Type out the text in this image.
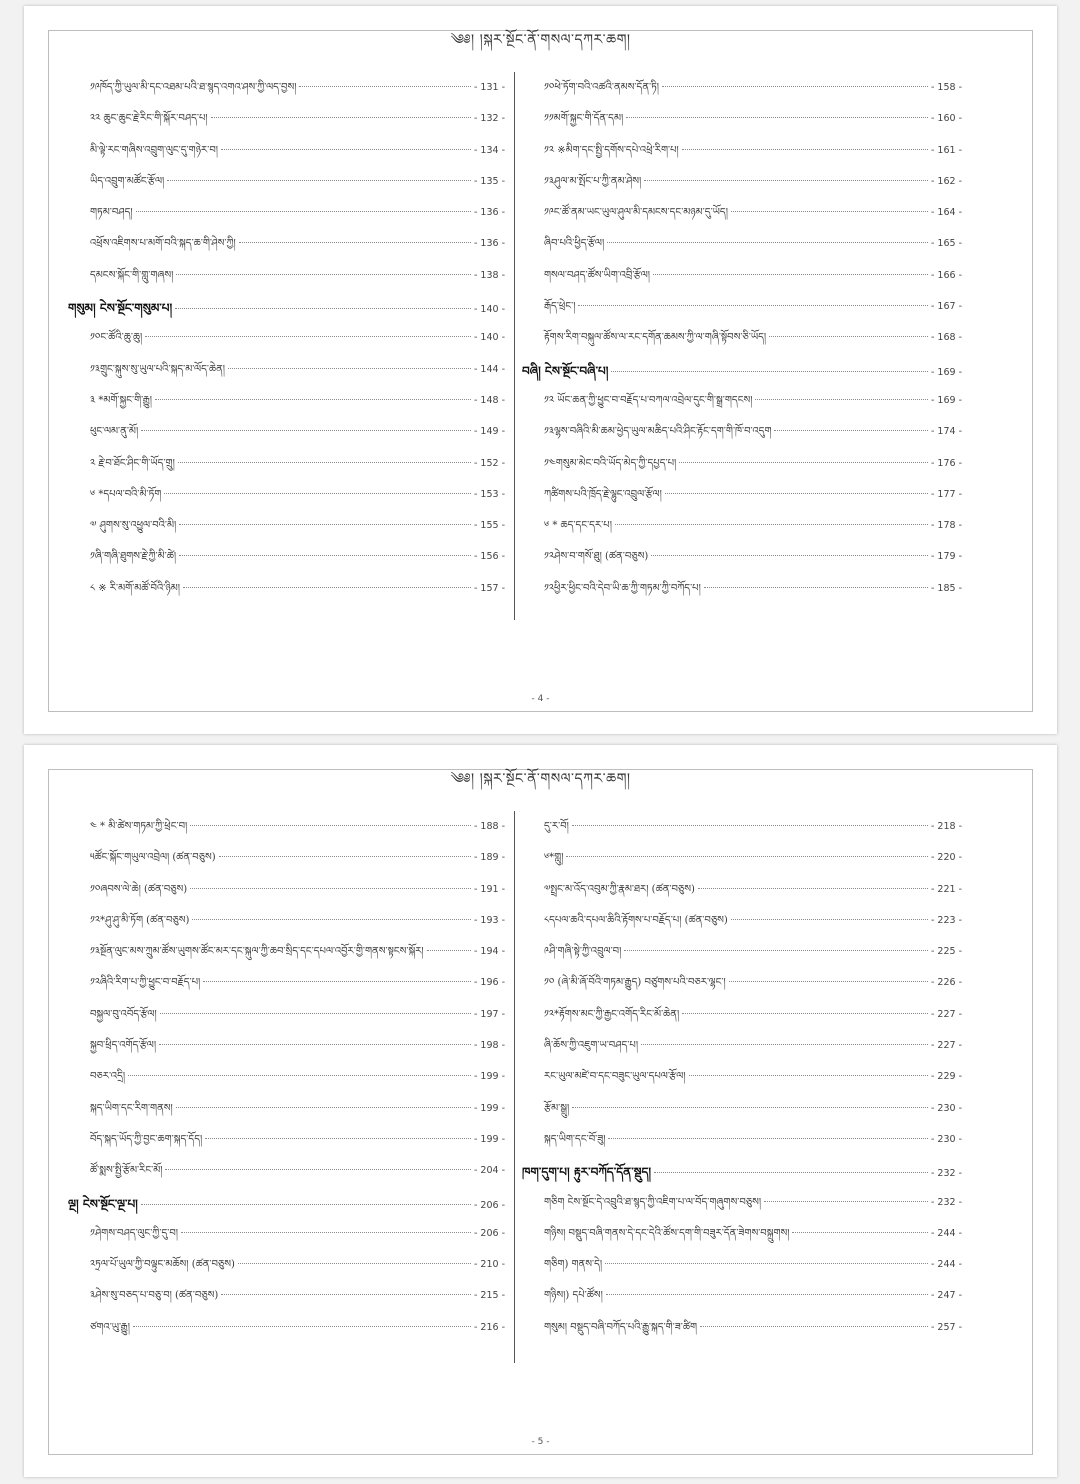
༄༅། །སྐར་སྔོང་ནོ་གསལ་དཀར་ཆག།
༡༩ཁོད་ཀྱི་ཡུལ་མི་དང་འཐམ་པའི་ཐ་སྙད་འགའ་ཤས་ཀྱི་ལད་བྱས།	- 131 -
༢༢ ཆུང་ཆུང་རྗེ་རིང་གི་སྐོར་བཤད་པ།	- 132 -
མི་ལྟེ་རང་གཞིས་འབྲུག་ལུང་དུ་གཉེར་བ།	- 134 -
ཡིད་འབྲུག་མཚོང་རྩོལ།	- 135 -
གཏམ་བཤད།	- 136 -
འཕྲོས་འཇིགས་པ་མགོ་བའི་སྐད་ཆ་གི་ཤེས་ཀྱི།	- 136 -
དམངས་སྐོང་གི་གླུ་གཞས།	- 138 -
གསུམ། ངེས་སྔོང་གསུམ་པ།	- 140 -
༡༠ང་ཚོའི་ཆུ་ཆུ།	- 140 -
༡༣གྲུང་སྐུས་སུ་ཡུལ་པའི་སྐད་མ་ལོད་ཆེན།	- 144 -
༣ *མགོ་སྐྱང་གི་རྒྱུ།	- 148 -
ཕུང་ལམ་ནུ་མོ།	- 149 -
༢ རྗེ་བ་ཐོང་ཤིང་གི་ཡོད་གྲུ།	- 152 -
༦ *དཔལ་བའི་མི་ཏོག	- 153 -
༧ ཤུགས་སུ་འཕྱུལ་བའི་མི།	- 155 -
༡ཞི་གཞི་ཐུགས་རྗེ་ཀྱི་མི་ཚེ།	- 156 -
༨ ※ རི་མགོ་མཚོ་བོའི་ཉིམ།	- 157 -
༡༠ཕེ་ཏོག་བའི་འཚའི་ནམས་དོན་ཏི།	- 158 -
༡༡མགོ་སྐྱང་གི་དོན་དམ།	- 160 -
༡༢ ※མིག་དང་སྤྱི་དགོས་དཔེ་འཕྲེ་རིག་པ།	- 161 -
༡༣ཤུལ་མ་སྤོང་པ་ཀྱི་ནམ་ཤེས།	- 162 -
༡༩ང་ཚོ་ནམ་ཡང་ཡུལ་ཤུལ་མི་དམངས་དང་མཉམ་དུ་ཡོད།	- 164 -
ཞིབ་པའི་ཕྱིད་རྩོལ།	- 165 -
གསལ་བཤད་ཚོས་ཡིག་འབྲི་རྩོལ།	- 166 -
རྒོད་ཕྲེང་།	- 167 -
རྟོགས་རིག་བསྐུལ་ཚོས་ལ་རང་དགོན་ཆམས་ཀྱི་ལ་གཞི་སྟོབས་ཅི་ཡོད།	- 168 -
བཞི། ངེས་སྔོང་བཞི་པ།	- 169 -
༡༢ ཡོང་ཆན་ཀྱི་ཕྱུང་བ་བརྗོད་པ་བཀལ་འབྲེལ་དུང་གི་སྒྲ་གདངས།	- 169 -
༡༣ལྷས་བཞིའི་མི་ཆམ་ཕྱེད་ཡུལ་མཆིད་པའི་ཤིང་རྟོང་དག་གི་ཁོ་བ་འདུག	- 174 -
༡༤གསུམ་མེང་བའི་ཡོད་མེད་ཀྱི་དཔྱད་པ།	- 176 -
ཀཚིགས་པའི་ཁྲོད་རྗེ་ལྷུང་འབྲུལ་རྩོལ།	- 177 -
༦ * ཆད་དང་དར་པ།	- 178 -
༡༢ཤེས་བ་གསོ་ཐུ། (ཚན་བཅུས)	- 179 -
༡༢ཕྱིར་ཕྱིང་བའི་དེབ་ཡི་ཆ་ཀྱི་གཏམ་ཀྱི་བཀོད་པ།	- 185 -
- 4 -
༄༅། །སྐར་སྔོང་ནོ་གསལ་དཀར་ཆག།
༤ * མི་ཚེས་གཏམ་ཀྱི་ཕྲེང་བ།	- 188 -
༥ཚོང་སྐོང་གཡུལ་འབྲེལ། (ཚན་བཅུས)	- 189 -
༡༠ཞབས་ལེ་ཆེ། (ཚན་བཅུས)	- 191 -
༡༢*ཤུ་ཤུ་མི་ཏོག (ཚན་བཅུས)	- 193 -
༡༣སྔོན་ལུང་མས་ཀྲུམ་ཚོས་ཡུགས་ཚོང་མར་དང་སྐུལ་ཀྱི་ཆབ་སྲིད་དང་དཔལ་འབྱོར་གྱི་གནས་སྟངས་སྐོར།	- 194 -
༡༢ཞིའི་རིག་པ་ཀྱི་ཕྱུང་བ་བརྗོད་པ།	- 196 -
བསྐྱལ་བུ་འབོད་རྩོལ།	- 197 -
སྐྱབ་ཕྲིད་འགོད་རྩོལ།	- 198 -
བཅར་འདྲི།	- 199 -
སྐད་ཡིག་དང་རིག་གནས།	- 199 -
བོད་སྐད་ཡོད་ཀྱི་བྱང་ཆག་སྐད་དོད།	- 199 -
ཚོ་སྨས་སྤྱི་རྩོམ་རིང་མོ།	- 204 -
ལྔ། ངེས་སྔོང་ལྔ་པ།	- 206 -
༡ཤེགས་བཤད་ལུང་ཀྱི་དུ་བ།	- 206 -
༢ཏྲལ་པོ་ཡུལ་ཀྱི་བལྟུང་མཆོས། (ཚན་བཅུས)	- 210 -
༣ཤེས་སུ་བཅད་པ་བཅུ་བ། (ཚན་བཅུས)	- 215 -
ཙགའ་ཡུ་རྒྱུ།	- 216 -
དུ་ར་བོ།	- 218 -
༦*གླུ།	- 220 -
༧སྤྲང་མ་འོད་འབུམ་ཀྱི་རྣམ་ཐར། (ཚན་བཅུས)	- 221 -
༨དཔལ་ཆའི་དཔལ་ཆིའི་རྟོགས་པ་བརྗོད་པ། (ཚན་བཅུས)	- 223 -
༩ཤི་གཞི་སྟེ་ཀྱི་འབྲུལ་བ།	- 225 -
༡༠ (ཞེ་མི་ཞོ་བོའི་གཏམ་རྒྱུད) བཙུགས་པའི་བཅར་ལྷང་།	- 226 -
༡༢*རྟོགས་མང་ཀྱི་རྒྱང་འགོད་རིང་མོ་ཆེན།	- 227 -
ཞི་ཆོས་ཀྱི་འཇུག་ཡ་བཤད་པ།	- 227 -
རང་ཡུལ་མཛེ་བ་དང་བཟུང་ཡུལ་དཔལ་རྩོལ།	- 229 -
རྩོམ་སྒྲུ།	- 230 -
སྐད་ཡིག་དང་བོ་ཟུ།	- 230 -
ཁག་དུག་པ། རྟུར་བཀོད་དོན་སྡུད།	- 232 -
གཅིག ངེས་སྔོང་དེ་འབྲུའི་ཐ་སྙད་ཀྱི་འཇིག་པ་ལ་བོད་གཞུགས་བཅུས།	- 232 -
གཉིས། བསྡུད་བཞི་གནས་དེ་དང་དེའི་ཚོས་དག་གི་བཟུར་དོན་ཟེགས་བསྐྲུགས།	- 244 -
གཅིག) གནས་དེ།	- 244 -
གཉིས།) དཔེ་ཚོས།	- 247 -
གསུམ། བསྡུད་བཞི་བཀོད་པའི་རྒྱུ་སྐད་གི་ཟ་ཚིག	- 257 -
- 5 -
